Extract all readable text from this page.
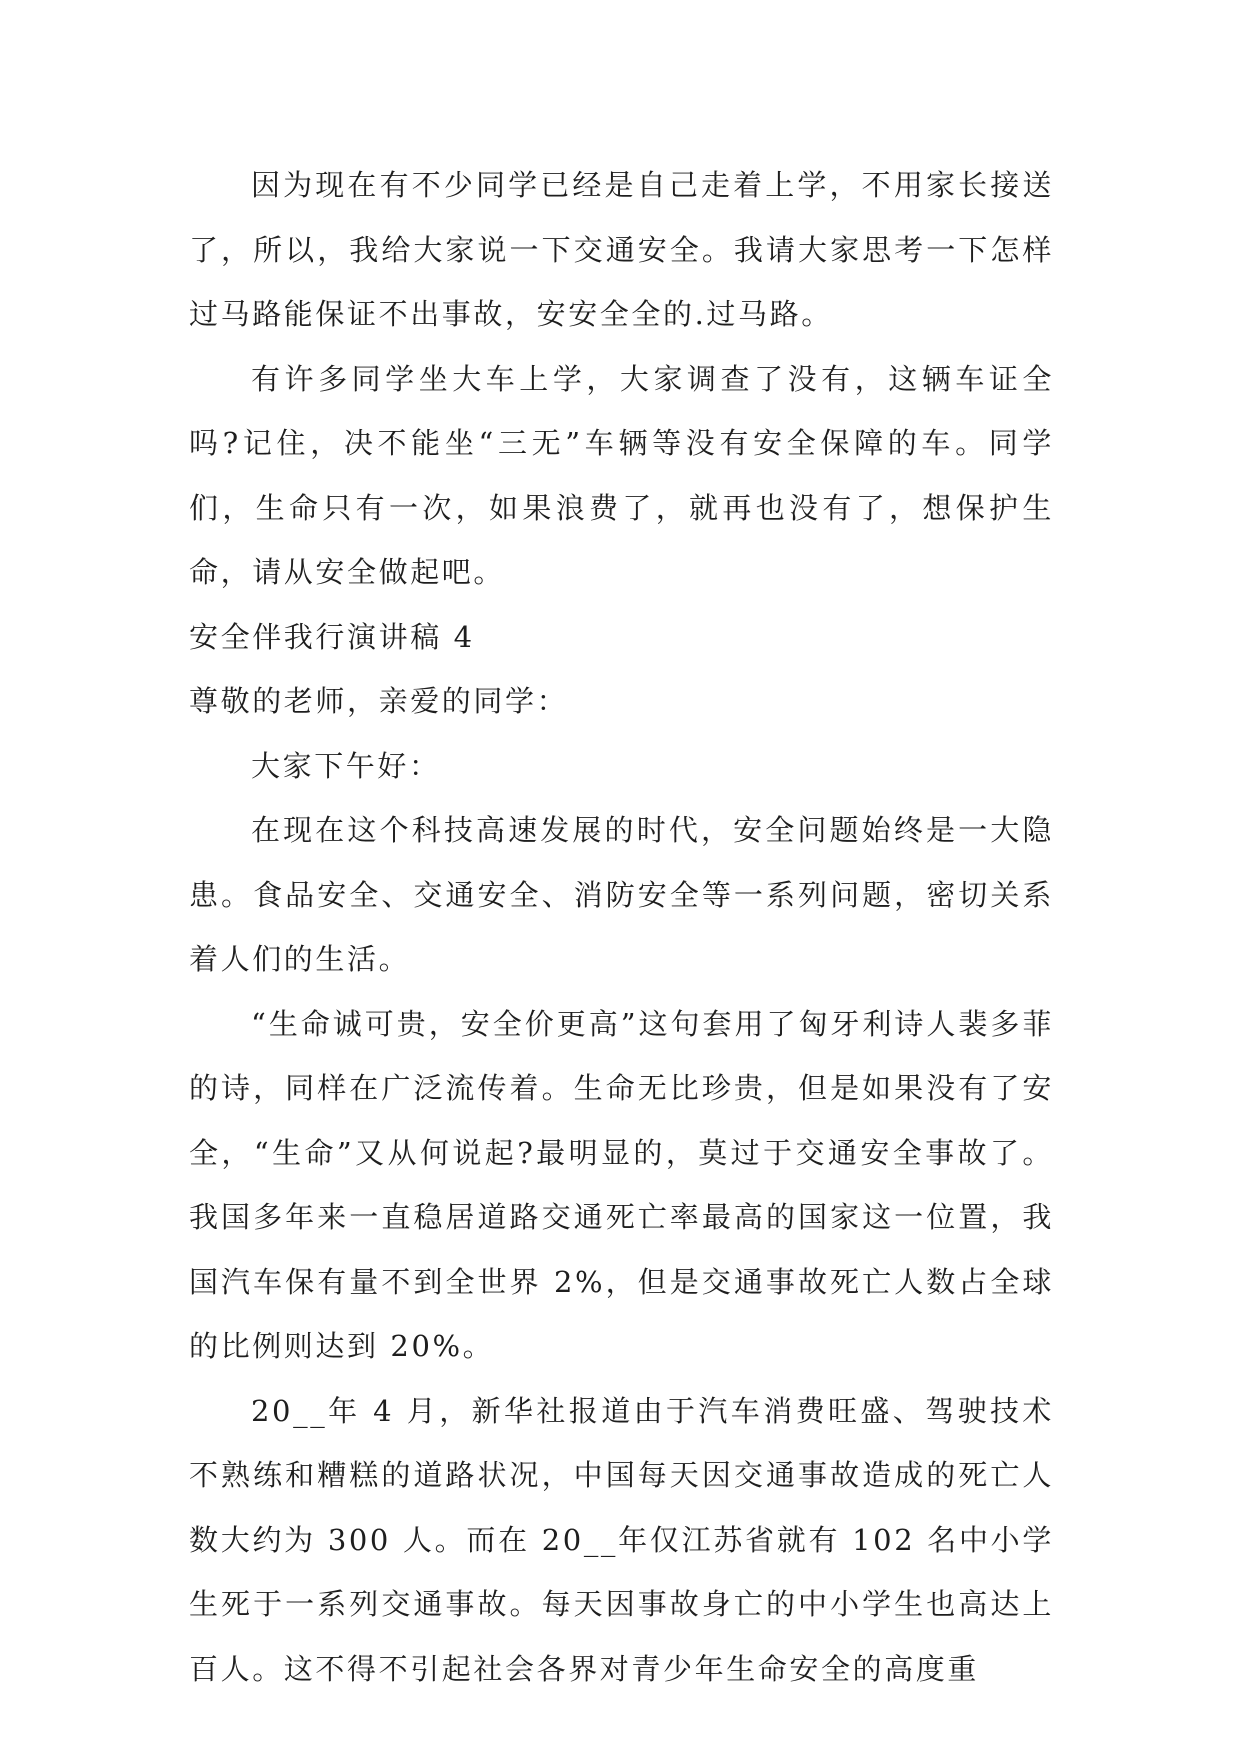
因为现在有不少同学已经是自己走着上学，不用家长接送了，所以，我给大家说一下交通安全。我请大家思考一下怎样过马路能保证不出事故，安安全全的.过马路。

有许多同学坐大车上学，大家调查了没有，这辆车证全吗?记住，决不能坐“三无”车辆等没有安全保障的车。同学们，生命只有一次，如果浪费了，就再也没有了，想保护生命，请从安全做起吧。

安全伴我行演讲稿 4

尊敬的老师，亲爱的同学：

大家下午好：

在现在这个科技高速发展的时代，安全问题始终是一大隐患。食品安全、交通安全、消防安全等一系列问题，密切关系着人们的生活。

“生命诚可贵，安全价更高”这句套用了匈牙利诗人裴多菲的诗，同样在广泛流传着。生命无比珍贵，但是如果没有了安全，“生命”又从何说起?最明显的，莫过于交通安全事故了。我国多年来一直稳居道路交通死亡率最高的国家这一位置，我国汽车保有量不到全世界 2%，但是交通事故死亡人数占全球的比例则达到 20%。

20__年 4 月，新华社报道由于汽车消费旺盛、驾驶技术不熟练和糟糕的道路状况，中国每天因交通事故造成的死亡人数大约为 300 人。而在 20__年仅江苏省就有 102 名中小学生死于一系列交通事故。每天因事故身亡的中小学生也高达上百人。这不得不引起社会各界对青少年生命安全的高度重
